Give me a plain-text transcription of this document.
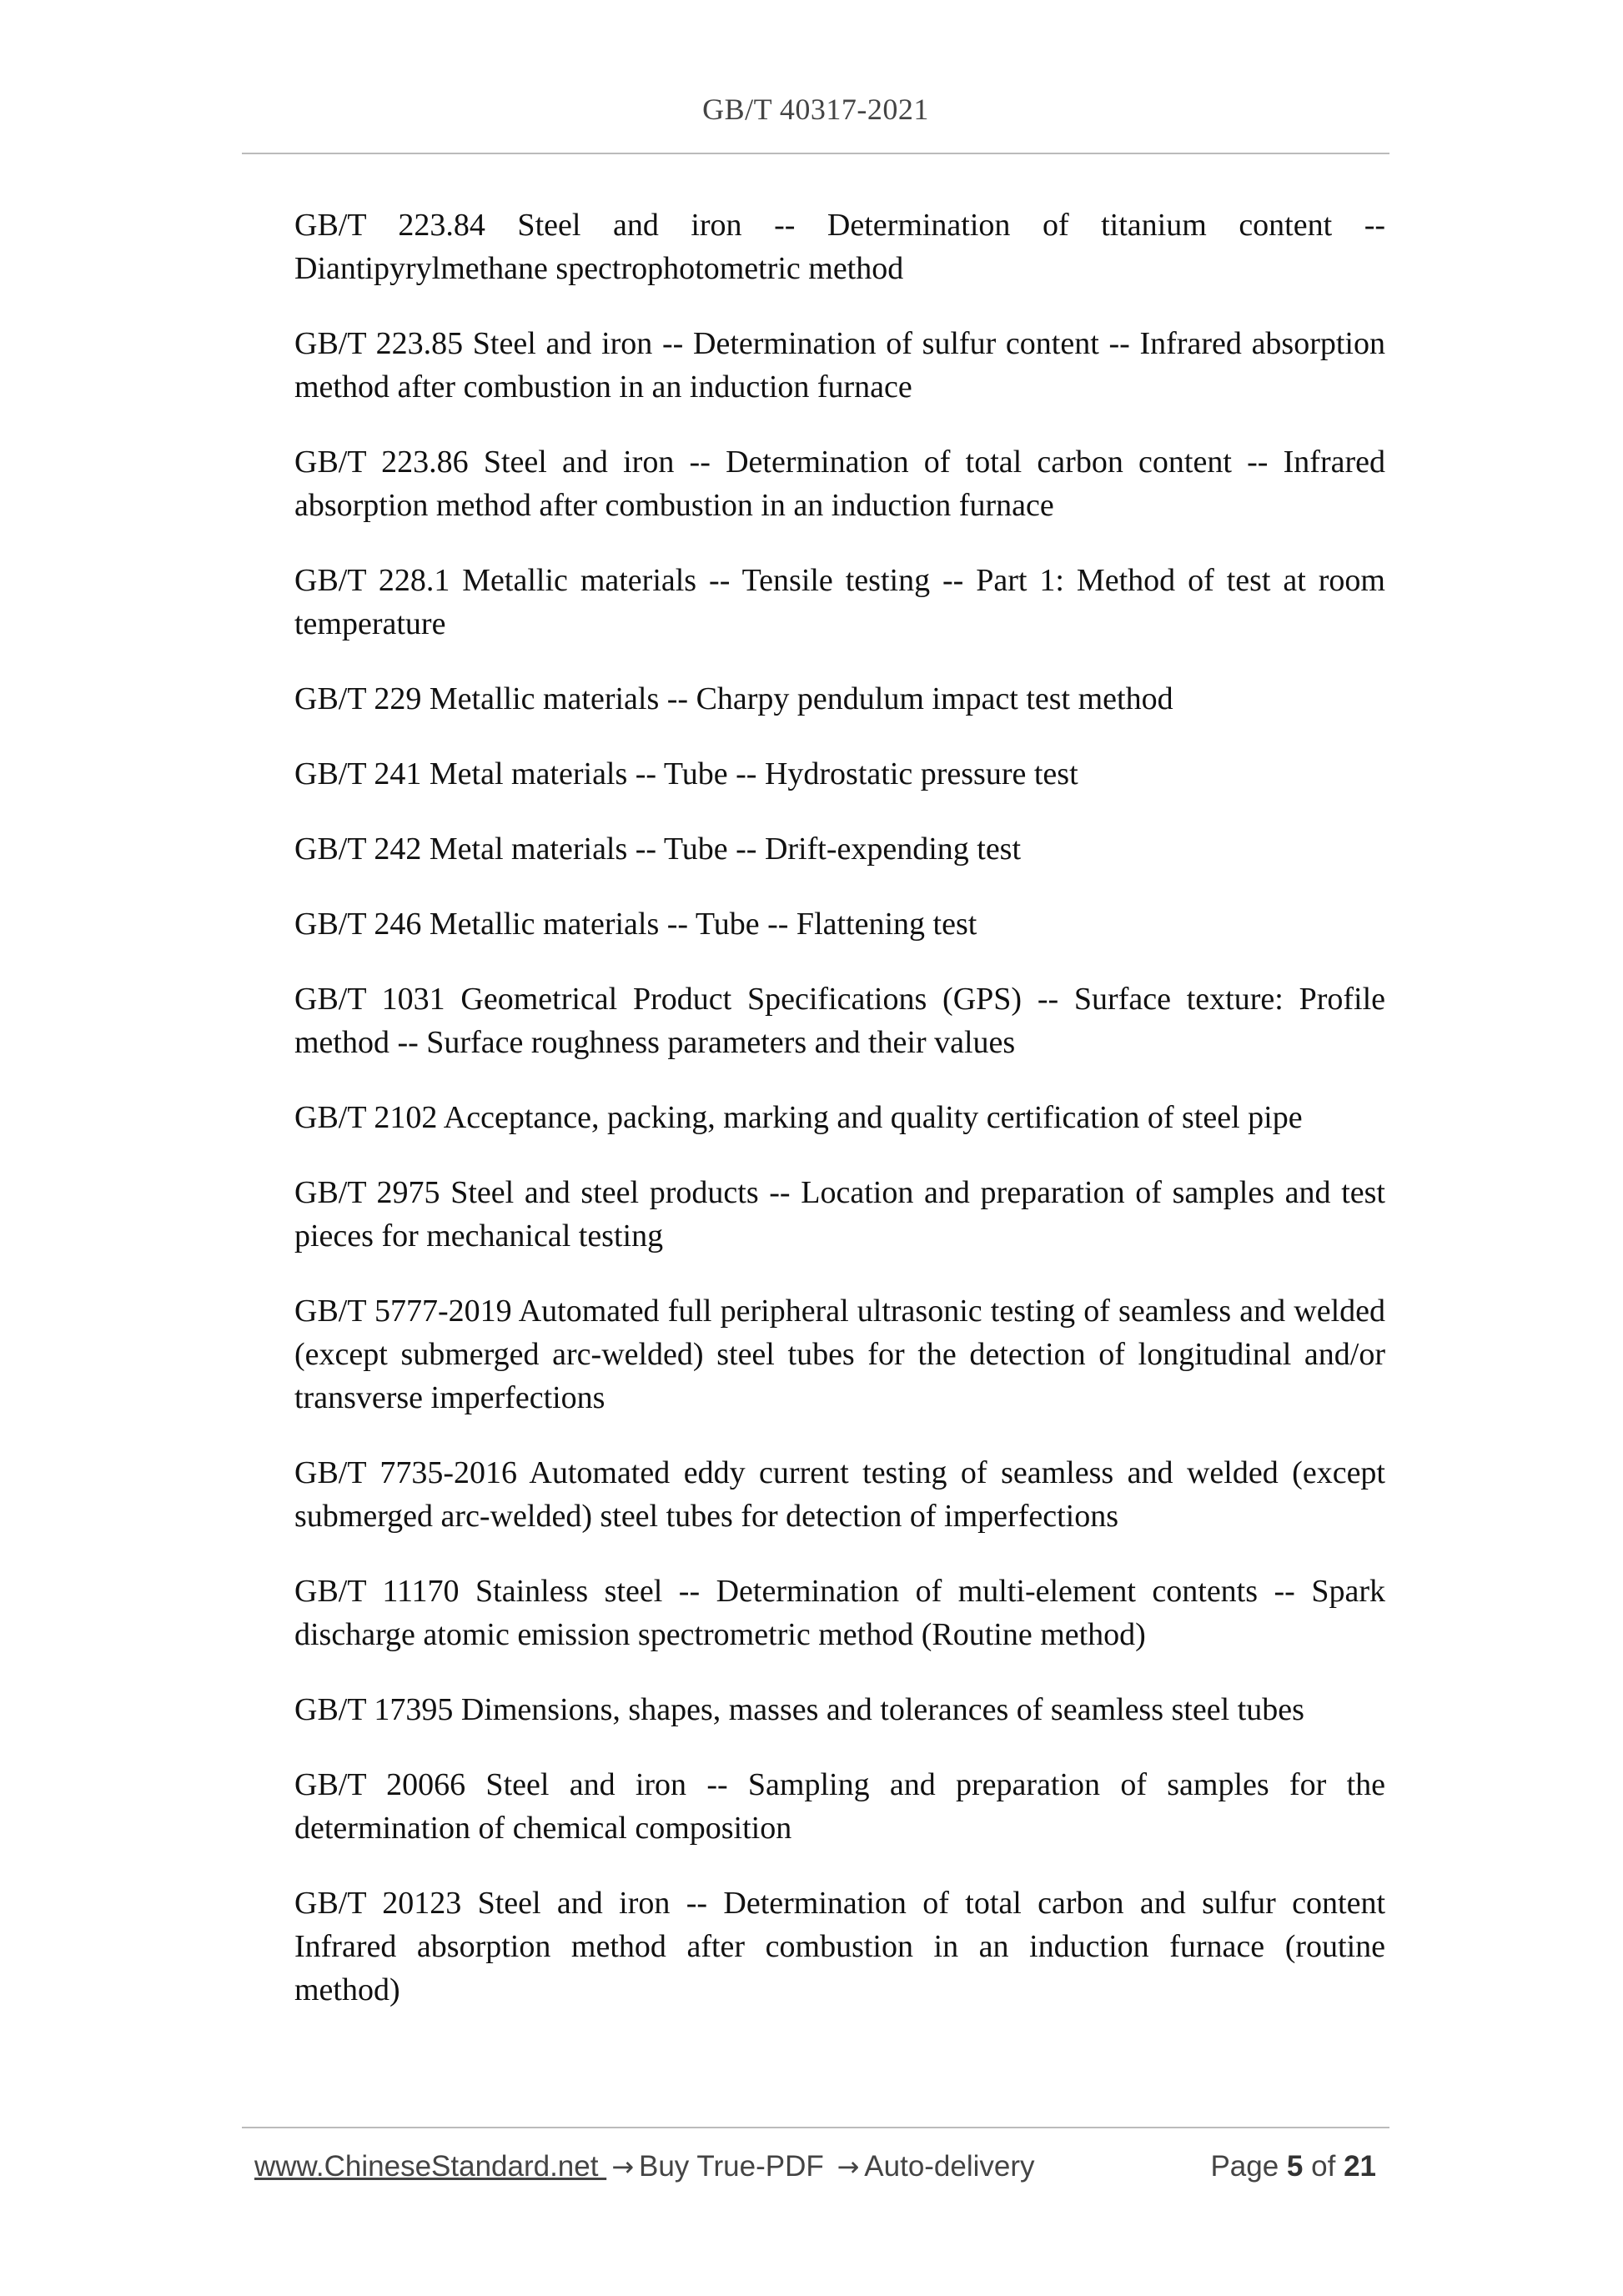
GB/T 40317-2021

GB/T 223.84 Steel and iron -- Determination of titanium content -- Diantipyrylmethane spectrophotometric method

GB/T 223.85 Steel and iron -- Determination of sulfur content -- Infrared absorption method after combustion in an induction furnace

GB/T 223.86 Steel and iron -- Determination of total carbon content -- Infrared absorption method after combustion in an induction furnace

GB/T 228.1 Metallic materials -- Tensile testing -- Part 1: Method of test at room temperature

GB/T 229 Metallic materials -- Charpy pendulum impact test method

GB/T 241 Metal materials -- Tube -- Hydrostatic pressure test

GB/T 242 Metal materials -- Tube -- Drift-expending test

GB/T 246 Metallic materials -- Tube -- Flattening test

GB/T 1031 Geometrical Product Specifications (GPS) -- Surface texture: Profile method -- Surface roughness parameters and their values

GB/T 2102 Acceptance, packing, marking and quality certification of steel pipe

GB/T 2975 Steel and steel products -- Location and preparation of samples and test pieces for mechanical testing

GB/T 5777-2019 Automated full peripheral ultrasonic testing of seamless and welded (except submerged arc-welded) steel tubes for the detection of longitudinal and/or transverse imperfections

GB/T 7735-2016 Automated eddy current testing of seamless and welded (except submerged arc-welded) steel tubes for detection of imperfections

GB/T 11170 Stainless steel -- Determination of multi-element contents -- Spark discharge atomic emission spectrometric method (Routine method)

GB/T 17395 Dimensions, shapes, masses and tolerances of seamless steel tubes

GB/T 20066 Steel and iron -- Sampling and preparation of samples for the determination of chemical composition

GB/T 20123 Steel and iron -- Determination of total carbon and sulfur content Infrared absorption method after combustion in an induction furnace (routine method)

www.ChineseStandard.net → Buy True-PDF → Auto-delivery	Page 5 of 21
